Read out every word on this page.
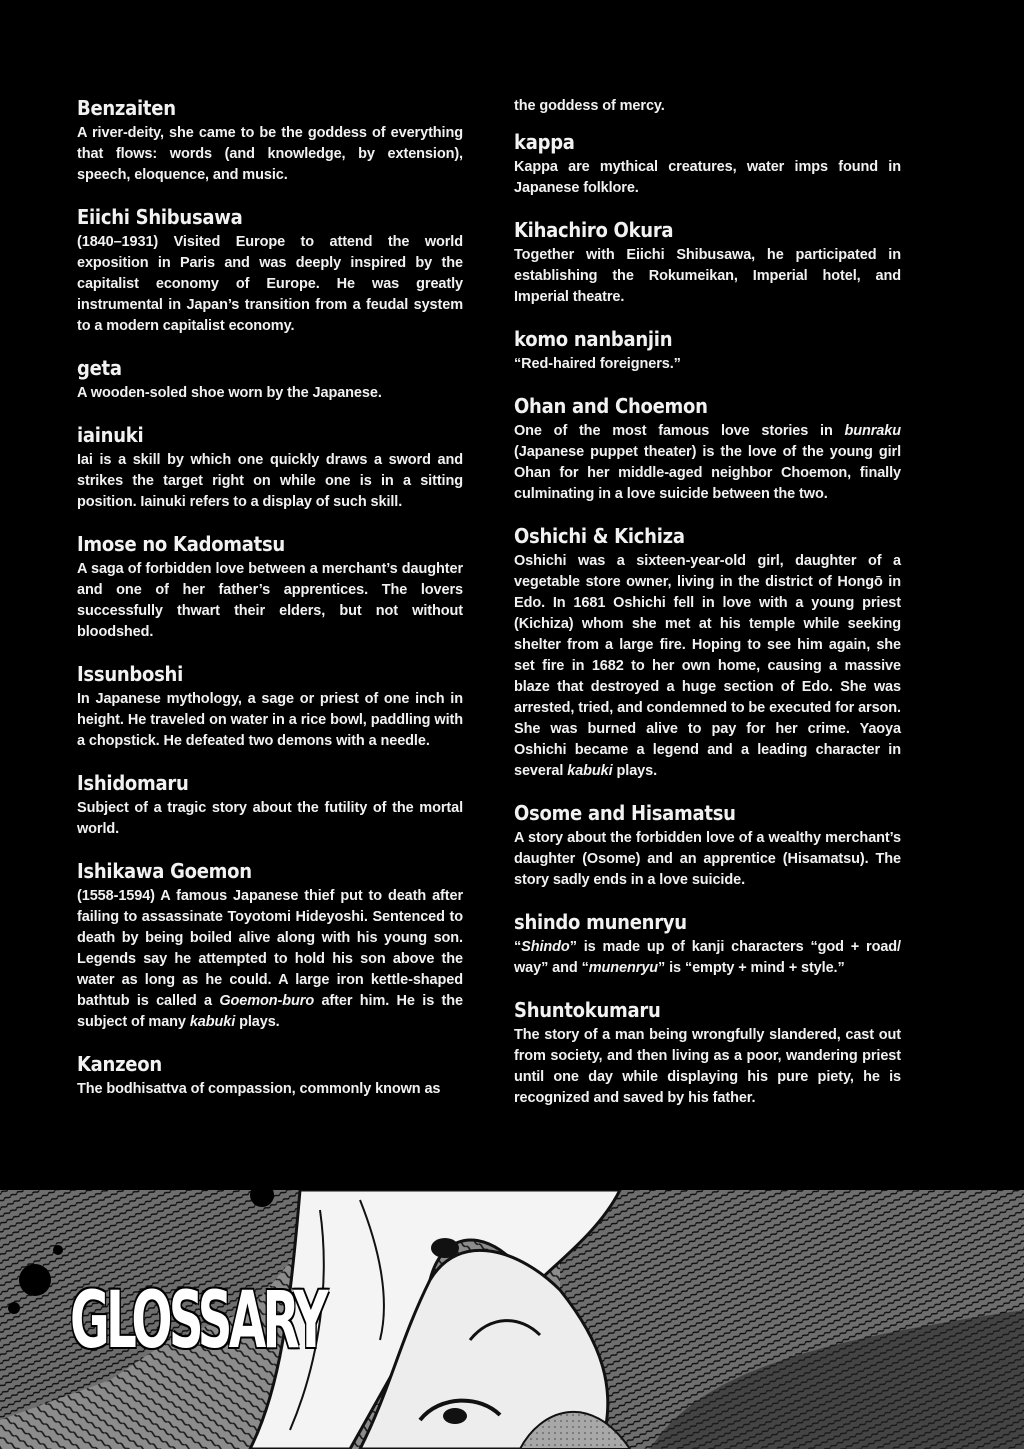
Benzaiten

A river-deity, she came to be the goddess of everything that flows: words (and knowledge, by extension), speech, eloquence, and music.

Eiichi Shibusawa

(1840–1931) Visited Europe to attend the world exposition in Paris and was deeply inspired by the capitalist economy of Europe. He was greatly instrumental in Japan’s transition from a feudal system to a modern capitalist economy.

geta

A wooden-soled shoe worn by the Japanese.

iainuki

Iai is a skill by which one quickly draws a sword and strikes the target right on while one is in a sitting position. Iainuki refers to a display of such skill.

Imose no Kadomatsu

A saga of forbidden love between a merchant’s daughter and one of her father’s apprentices. The lovers successfully thwart their elders, but not without bloodshed.

Issunboshi

In Japanese mythology, a sage or priest of one inch in height. He traveled on water in a rice bowl, paddling with a chopstick. He defeated two demons with a needle.

Ishidomaru

Subject of a tragic story about the futility of the mortal world.

Ishikawa Goemon

(1558-1594) A famous Japanese thief put to death after failing to assassinate Toyotomi Hideyoshi. Sentenced to death by being boiled alive along with his young son. Legends say he attempted to hold his son above the water as long as he could. A large iron kettle-shaped bathtub is called a Goemon-buro after him. He is the subject of many kabuki plays.

Kanzeon

The bodhisattva of compassion, commonly known as

the goddess of mercy.

kappa

Kappa are mythical creatures, water imps found in Japanese folklore.

Kihachiro Okura

Together with Eiichi Shibusawa, he participated in establishing the Rokumeikan, Imperial hotel, and Imperial theatre.

komo nanbanjin

“Red-haired foreigners.”

Ohan and Choemon

One of the most famous love stories in bunraku (Japanese puppet theater) is the love of the young girl Ohan for her middle-aged neighbor Choemon, finally culminating in a love suicide between the two.

Oshichi & Kichiza

Oshichi was a sixteen-year-old girl, daughter of a vegetable store owner, living in the district of Hongō in Edo. In 1681 Oshichi fell in love with a young priest (Kichiza) whom she met at his temple while seeking shelter from a large fire. Hoping to see him again, she set fire in 1682 to her own home, causing a massive blaze that destroyed a huge section of Edo. She was arrested, tried, and condemned to be executed for arson. She was burned alive to pay for her crime. Yaoya Oshichi became a legend and a leading character in several kabuki plays.

Osome and Hisamatsu

A story about the forbidden love of a wealthy merchant’s daughter (Osome) and an apprentice (Hisamatsu). The story sadly ends in a love suicide.

shindo munenryu

“Shindo” is made up of kanji characters “god + road/ way” and “munenryu” is “empty + mind + style.”

Shuntokumaru

The story of a man being wrongfully slandered, cast out from society, and then living as a poor, wandering priest until one day while displaying his pure piety, he is recognized and saved by his father.

GLOSSARY
